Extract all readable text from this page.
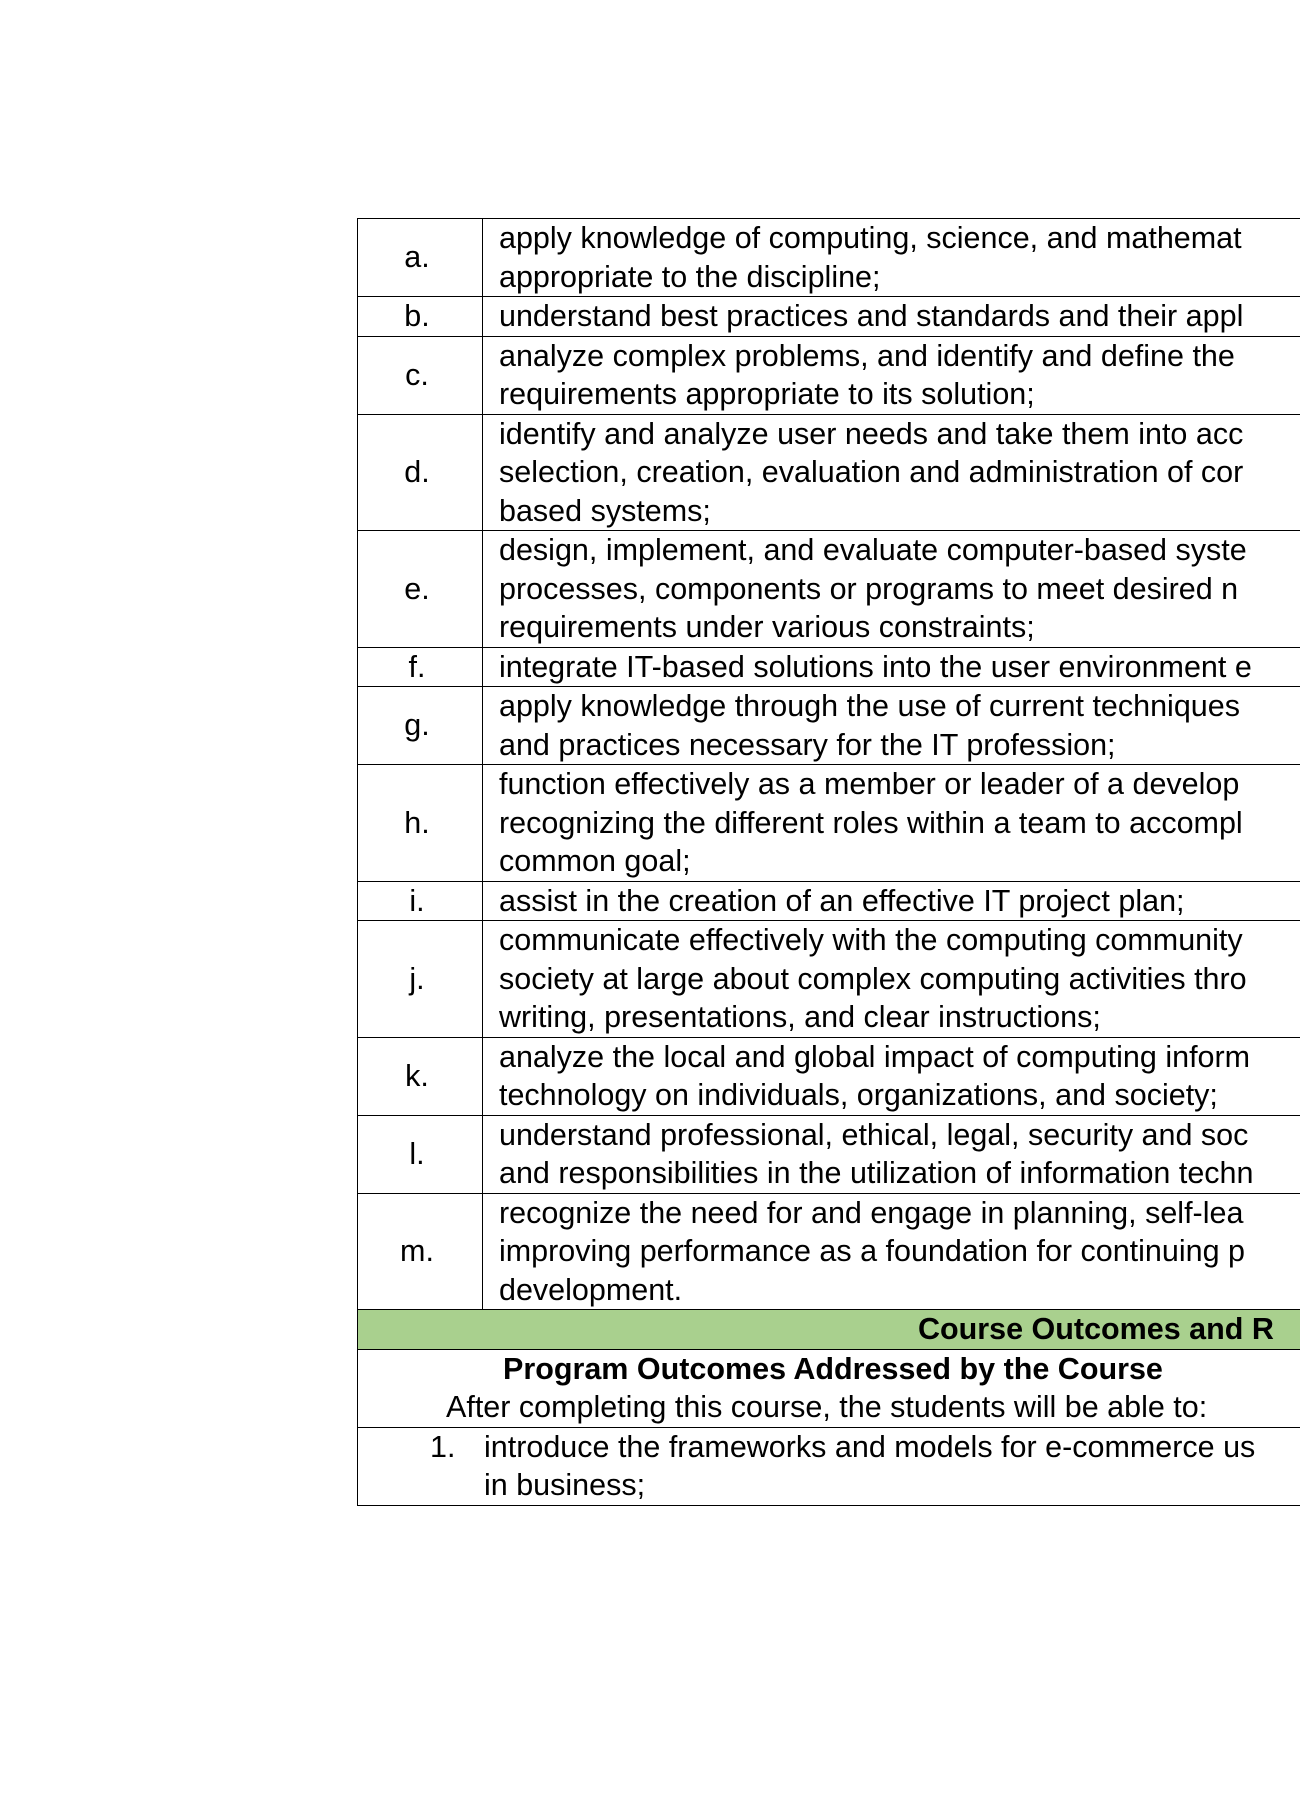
a.	apply knowledge of computing, science, and mathemat
appropriate to the discipline;

b.	understand best practices and standards and their appl

c.	analyze complex problems, and identify and define the
requirements appropriate to its solution;

d.	identify and analyze user needs and take them into acc
selection, creation, evaluation and administration of cor
based systems;

e.	design, implement, and evaluate computer-based syste
processes, components or programs to meet desired n
requirements under various constraints;

f.	integrate IT-based solutions into the user environment e

g.	apply knowledge through the use of current techniques
and practices necessary for the IT profession;

h.	function effectively as a member or leader of a develop
recognizing the different roles within a team to accompl
common goal;

i.	assist in the creation of an effective IT project plan;

j.	communicate effectively with the computing community
society at large about complex computing activities thro
writing, presentations, and clear instructions;

k.	analyze the local and global impact of computing inform
technology on individuals, organizations, and society;

l.	understand professional, ethical, legal, security and soc
and responsibilities in the utilization of information techn

m.	recognize the need for and engage in planning, self-lea
improving performance as a foundation for continuing p
development.

Course Outcomes and R	

Program Outcomes Addressed by the Course
After completing this course, the students will be able to:	

1. introduce the frameworks and models for e-commerce us
in business;	
